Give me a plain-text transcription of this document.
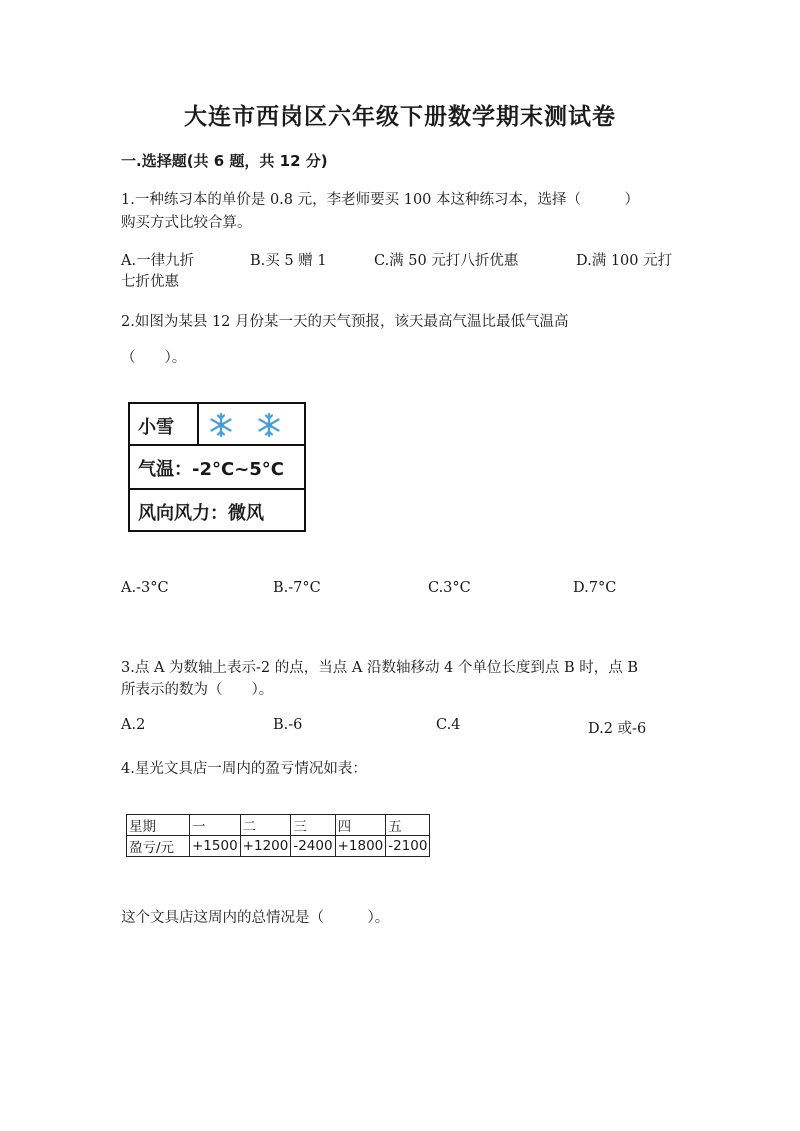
大连市西岗区六年级下册数学期末测试卷
一.选择题(共 6 题，共 12 分)
1.一种练习本的单价是 0.8 元，李老师要买 100 本这种练习本，选择（　　　）
购买方式比较合算。
A.一律九折	B.买 5 赠 1	C.满 50 元打八折优惠	D.满 100 元打
七折优惠
2.如图为某县 12 月份某一天的天气预报，该天最高气温比最低气温高
（　　）。
小雪
气温：-2°C~5°C
风向风力：微风
A.-3°C	B.-7°C	C.3°C	D.7°C
3.点 A 为数轴上表示-2 的点，当点 A 沿数轴移动 4 个单位长度到点 B 时，点 B
所表示的数为（　　）。
A.2	B.-6	C.4	D.2 或-6
4.星光文具店一周内的盈亏情况如表：
星期	一	二	三	四	五
盈亏/元	+1500	+1200	-2400	+1800	-2100
这个文具店这周内的总情况是（　　　）。
